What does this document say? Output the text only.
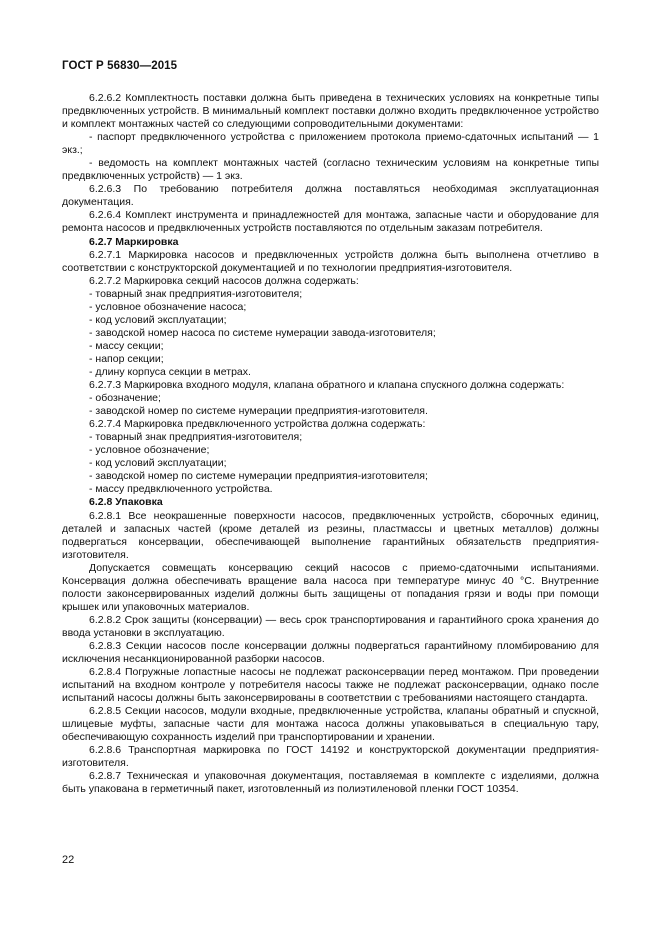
ГОСТ Р 56830—2015

6.2.6.2 Комплектность поставки должна быть приведена в технических условиях на конкретные типы предвключенных устройств. В минимальный комплект поставки должно входить предвключенное устройство и комплект монтажных частей со следующими сопроводительными документами:

- паспорт предвключенного устройства с приложением протокола приемо-сдаточных испытаний — 1 экз.;

- ведомость на комплект монтажных частей (согласно техническим условиям на конкретные типы предвключенных устройств) — 1 экз.

6.2.6.3 По требованию потребителя должна поставляться необходимая эксплуатационная документация.

6.2.6.4 Комплект инструмента и принадлежностей для монтажа, запасные части и оборудование для ремонта насосов и предвключенных устройств поставляются по отдельным заказам потребителя.

6.2.7 Маркировка

6.2.7.1 Маркировка насосов и предвключенных устройств должна быть выполнена отчетливо в соответствии с конструкторской документацией и по технологии предприятия-изготовителя.

6.2.7.2 Маркировка секций насосов должна содержать:

- товарный знак предприятия-изготовителя;

- условное обозначение насоса;

- код условий эксплуатации;

- заводской номер насоса по системе нумерации завода-изготовителя;

- массу секции;

- напор секции;

- длину корпуса секции в метрах.

6.2.7.3 Маркировка входного модуля, клапана обратного и клапана спускного должна содержать:

- обозначение;

- заводской номер по системе нумерации предприятия-изготовителя.

6.2.7.4 Маркировка предвключенного устройства должна содержать:

- товарный знак предприятия-изготовителя;

- условное обозначение;

- код условий эксплуатации;

- заводской номер по системе нумерации предприятия-изготовителя;

- массу предвключенного устройства.

6.2.8 Упаковка

6.2.8.1 Все неокрашенные поверхности насосов, предвключенных устройств, сборочных единиц, деталей и запасных частей (кроме деталей из резины, пластмассы и цветных металлов) должны подвергаться консервации, обеспечивающей выполнение гарантийных обязательств предприятия-изготовителя.

Допускается совмещать консервацию секций насосов с приемо-сдаточными испытаниями. Консервация должна обеспечивать вращение вала насоса при температуре минус 40 °С. Внутренние полости законсервированных изделий должны быть защищены от попадания грязи и воды при помощи крышек или упаковочных материалов.

6.2.8.2 Срок защиты (консервации) — весь срок транспортирования и гарантийного срока хранения до ввода установки в эксплуатацию.

6.2.8.3 Секции насосов после консервации должны подвергаться гарантийному пломбированию для исключения несанкционированной разборки насосов.

6.2.8.4 Погружные лопастные насосы не подлежат расконсервации перед монтажом. При проведении испытаний на входном контроле у потребителя насосы также не подлежат расконсервации, однако после испытаний насосы должны быть законсервированы в соответствии с требованиями настоящего стандарта.

6.2.8.5 Секции насосов, модули входные, предвключенные устройства, клапаны обратный и спускной, шлицевые муфты, запасные части для монтажа насоса должны упаковываться в специальную тару, обеспечивающую сохранность изделий при транспортировании и хранении.

6.2.8.6 Транспортная маркировка по ГОСТ 14192 и конструкторской документации предприятия-изготовителя.

6.2.8.7 Техническая и упаковочная документация, поставляемая в комплекте с изделиями, должна быть упакована в герметичный пакет, изготовленный из полиэтиленовой пленки ГОСТ 10354.

22
